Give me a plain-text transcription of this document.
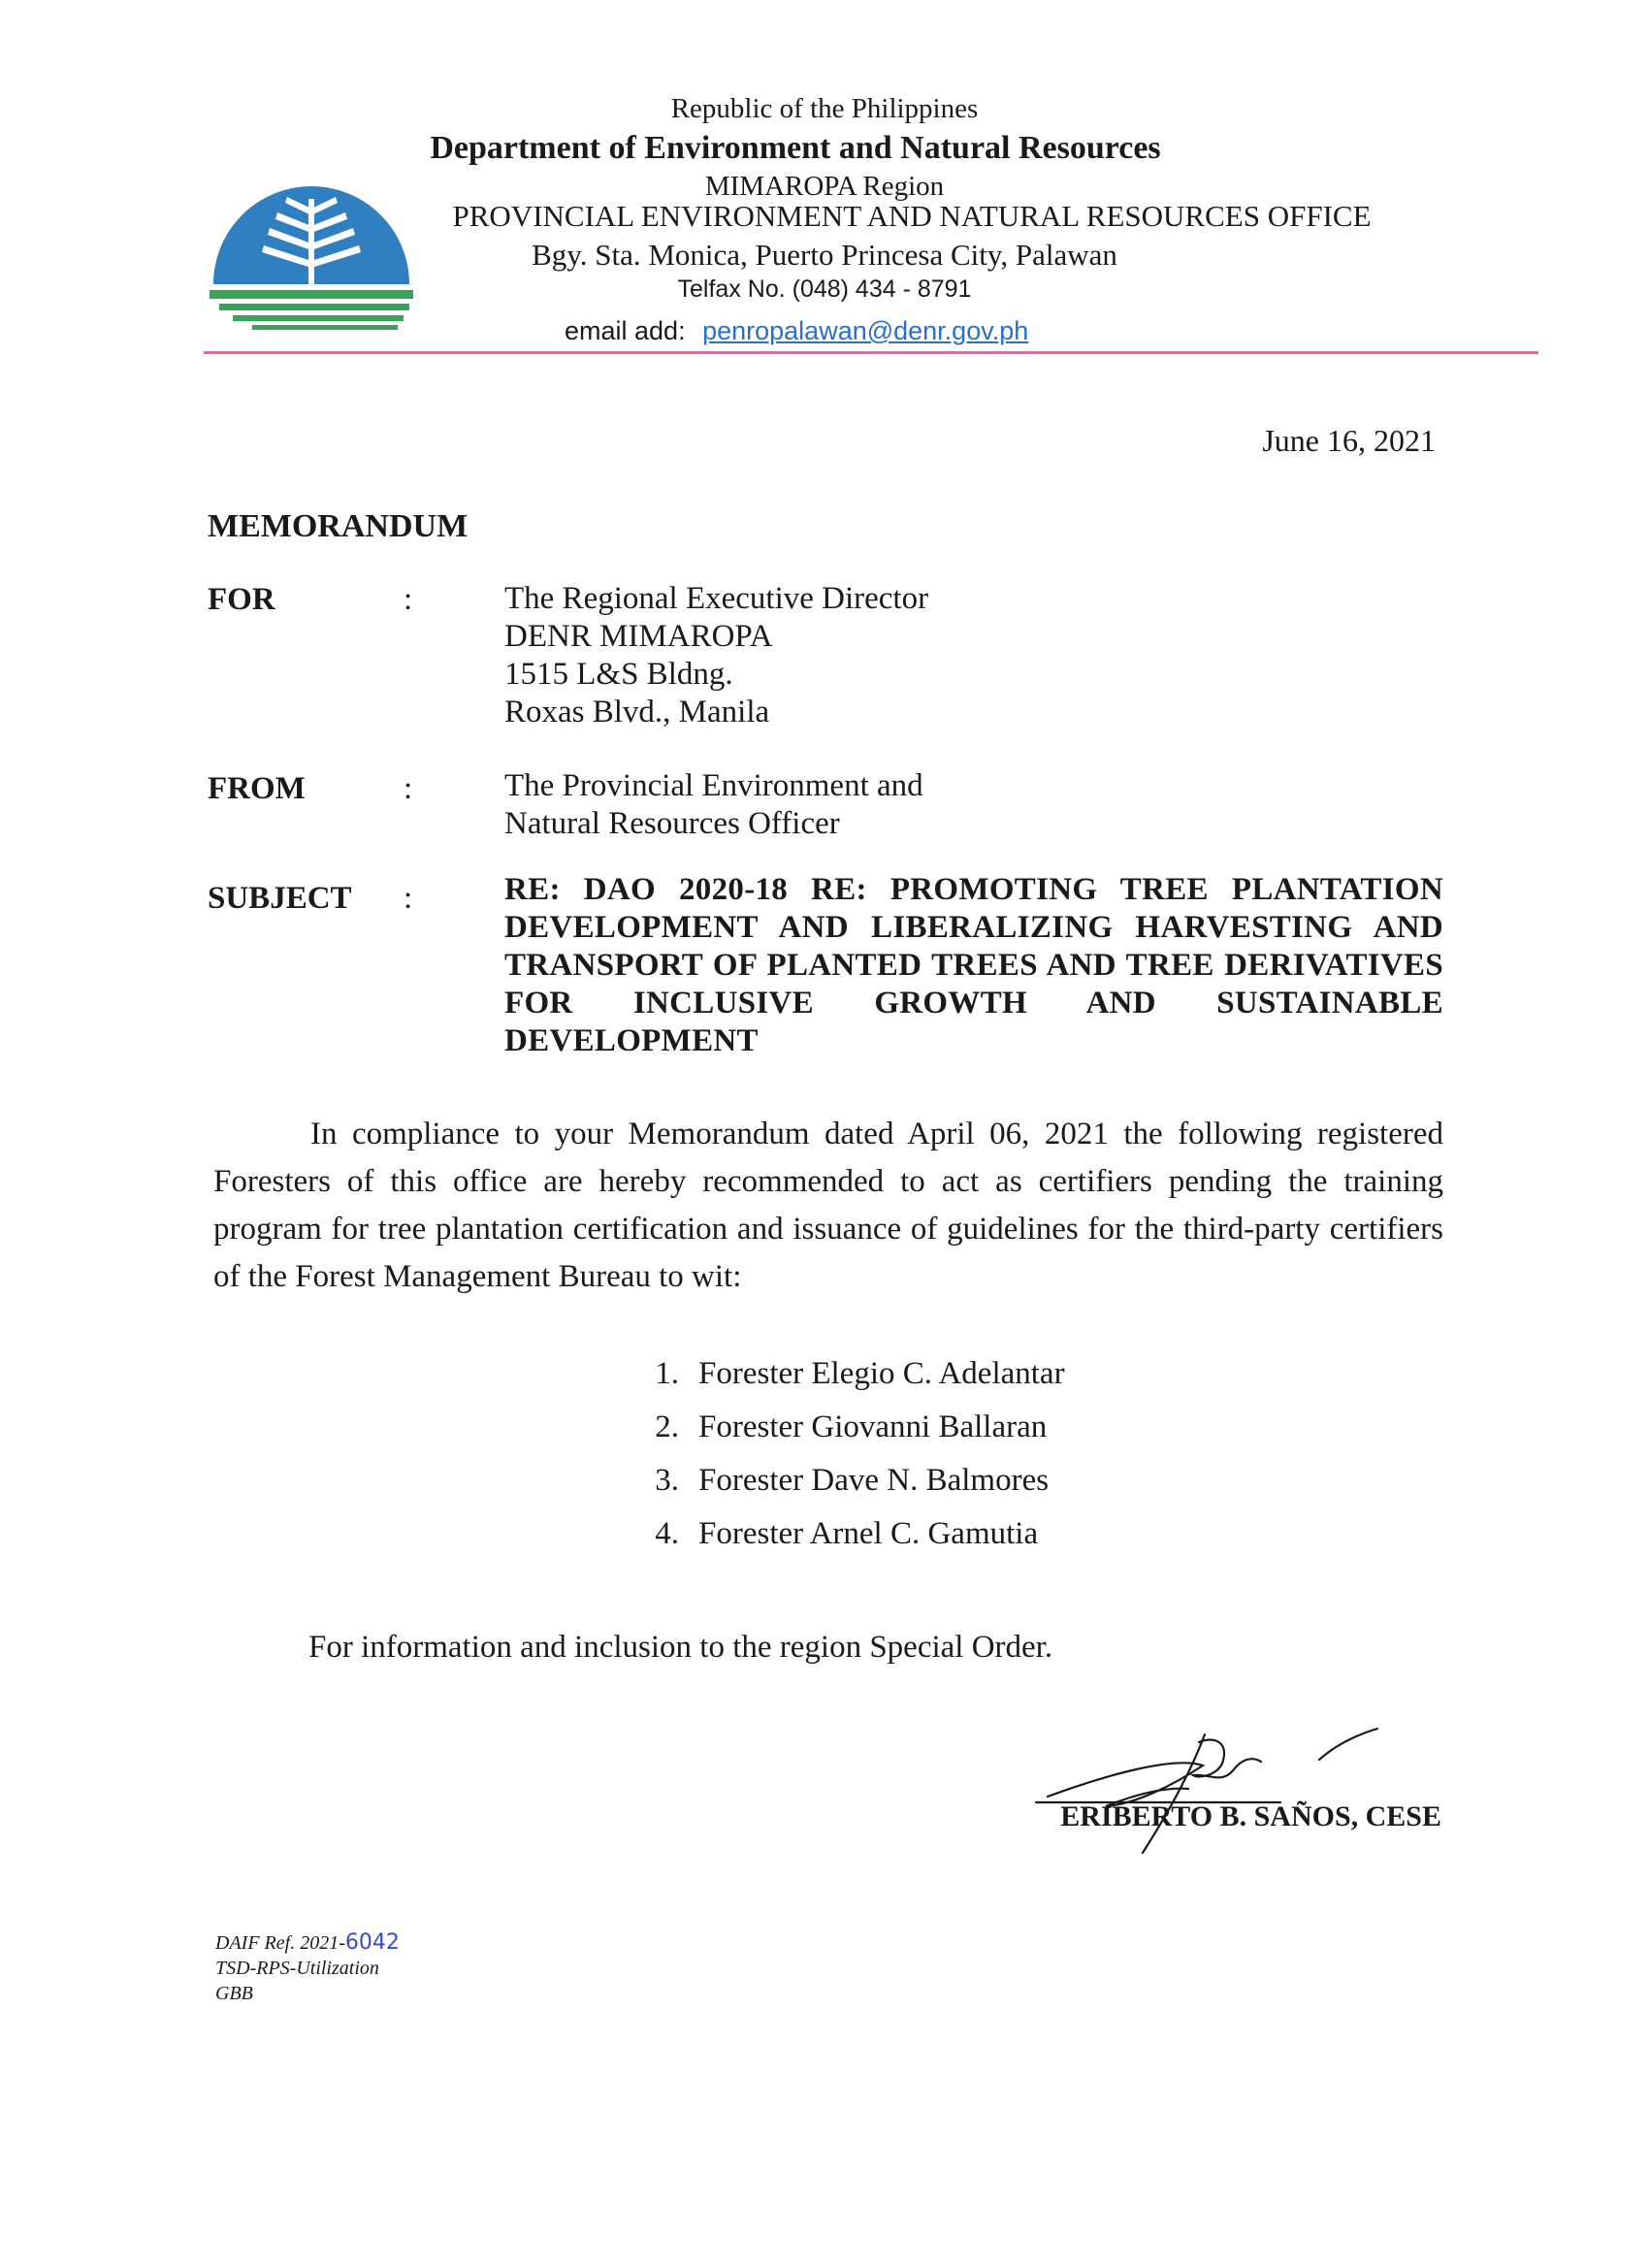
Republic of the Philippines
Department of Environment and Natural Resources
MIMAROPA Region
PROVINCIAL ENVIRONMENT AND NATURAL RESOURCES OFFICE
Bgy. Sta. Monica, Puerto Princesa City, Palawan
Telfax No. (048) 434 - 8791
email add: penropalawan@denr.gov.ph
June 16, 2021
MEMORANDUM
FOR	:	The Regional Executive Director
DENR MIMAROPA
1515 L&S Bldng.
Roxas Blvd., Manila
FROM	:	The Provincial Environment and
Natural Resources Officer
SUBJECT :	RE: DAO 2020-18 RE: PROMOTING TREE PLANTATION DEVELOPMENT AND LIBERALIZING HARVESTING AND TRANSPORT OF PLANTED TREES AND TREE DERIVATIVES FOR INCLUSIVE GROWTH AND SUSTAINABLE DEVELOPMENT
In compliance to your Memorandum dated April 06, 2021 the following registered Foresters of this office are hereby recommended to act as certifiers pending the training program for tree plantation certification and issuance of guidelines for the third-party certifiers of the Forest Management Bureau to wit:
1. Forester Elegio C. Adelantar
2. Forester Giovanni Ballaran
3. Forester Dave N. Balmores
4. Forester Arnel C. Gamutia
For information and inclusion to the region Special Order.
ERIBERTO B. SAÑOS, CESE
DAIF Ref. 2021-6042
TSD-RPS-Utilization
GBB
